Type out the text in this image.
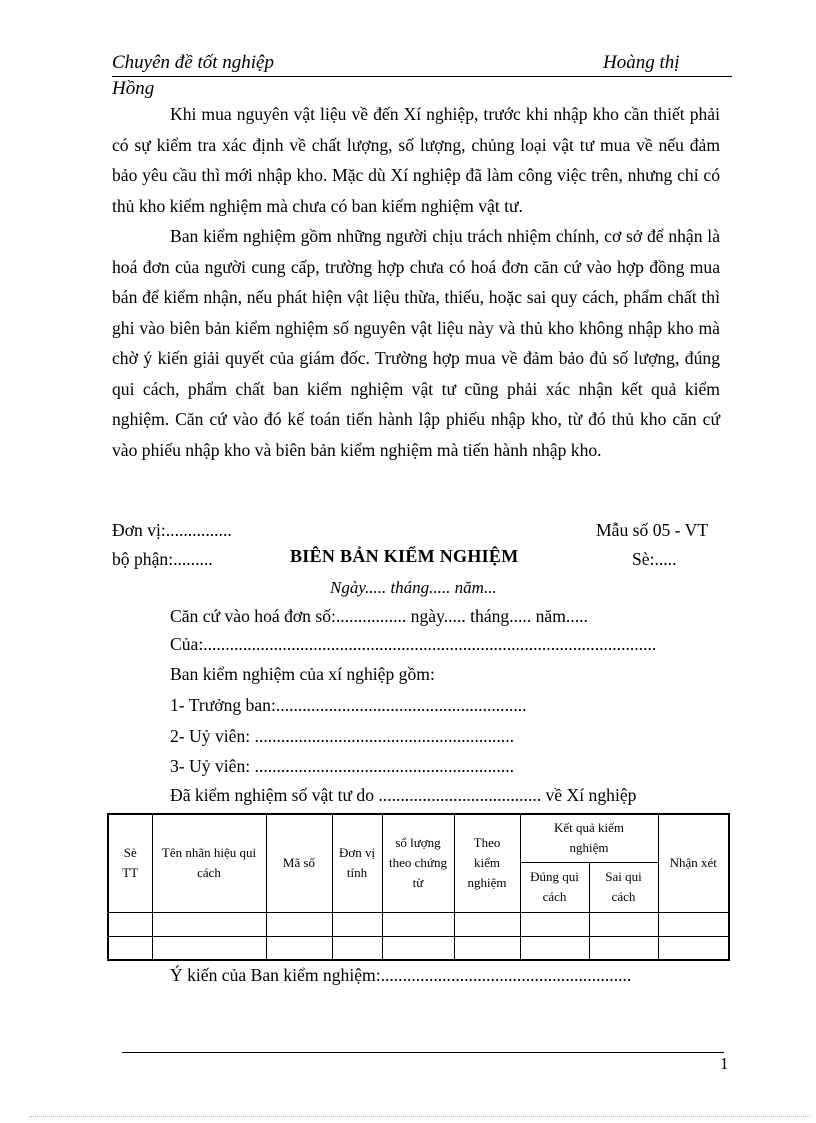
Chuyên đề tốt nghiệp	Hoàng thị
Hồng

Khi mua nguyên vật liệu về đến Xí nghiệp, trước khi nhập kho cần thiết phải có sự kiểm tra xác định về chất lượng, số lượng, chủng loại vật tư mua về nếu đảm bảo yêu cầu thì mới nhập kho. Mặc dù Xí nghiệp đã làm công việc trên, nhưng chỉ có thủ kho kiểm nghiệm mà chưa có ban kiểm nghiệm vật tư.

Ban kiểm nghiệm gồm những người chịu trách nhiệm chính, cơ sở để nhận là hoá đơn của người cung cấp, trường hợp chưa có hoá đơn căn cứ vào hợp đồng mua bán để kiểm nhận, nếu phát hiện vật liệu thừa, thiếu, hoặc sai quy cách, phẩm chất thì ghi vào biên bản kiểm nghiệm số nguyên vật liệu này và thủ kho không nhập kho mà chờ ý kiến giải quyết của giám đốc. Trường hợp mua về đảm bảo đủ số lượng, đúng qui cách, phẩm chất ban kiểm nghiệm vật tư cũng phải xác nhận kết quả kiểm nghiệm. Căn cứ vào đó kế toán tiến hành lập phiếu nhập kho, từ đó thủ kho căn cứ vào phiếu nhập kho và biên bản kiểm nghiệm mà tiến hành nhập kho.

Đơn vị:...............	Mẫu số 05 - VT
bộ phận:.........	BIÊN BẢN KIỂM NGHIỆM	Sè:.....
Ngày..... tháng..... năm...
Căn cứ vào hoá đơn số:................ ngày..... tháng..... năm.....
Của:.......................................................................................................
Ban kiểm nghiệm của xí nghiệp gồm:
1- Trưởng ban:.........................................................
2- Uỷ viên: ...........................................................
3- Uỷ viên: ...........................................................
Đã kiểm nghiệm số vật tư do ..................................... về Xí nghiệp
Sè TT	Tên nhãn hiệu qui cách	Mã số	Đơn vị tính	số lượng theo chứng từ	Theo kiểm nghiệm	Kết quả kiểm nghiệm		Nhận xét
						Đúng qui cách	Sai qui cách	

Ý kiến của Ban kiểm nghiệm:.........................................................
1
